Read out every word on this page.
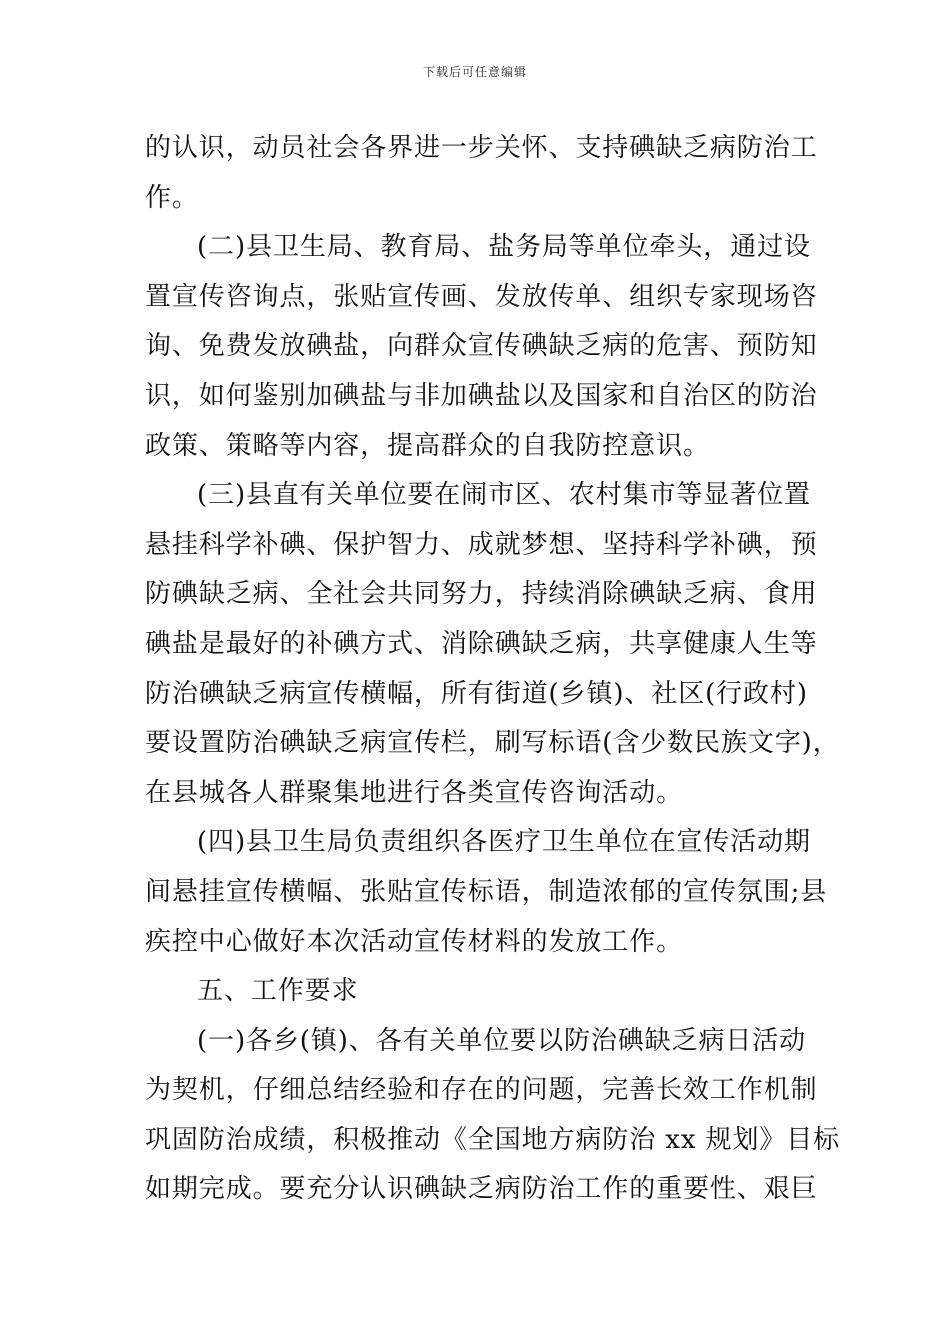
下载后可任意编辑
的认识，动员社会各界进一步关怀、支持碘缺乏病防治工
作。
(二)县卫生局、教育局、盐务局等单位牵头，通过设
置宣传咨询点，张贴宣传画、发放传单、组织专家现场咨
询、免费发放碘盐，向群众宣传碘缺乏病的危害、预防知
识，如何鉴别加碘盐与非加碘盐以及国家和自治区的防治
政策、策略等内容，提高群众的自我防控意识。
(三)县直有关单位要在闹市区、农村集市等显著位置
悬挂科学补碘、保护智力、成就梦想、坚持科学补碘，预
防碘缺乏病、全社会共同努力，持续消除碘缺乏病、食用
碘盐是最好的补碘方式、消除碘缺乏病，共享健康人生等
防治碘缺乏病宣传横幅，所有街道(乡镇)、社区(行政村)
要设置防治碘缺乏病宣传栏，刷写标语(含少数民族文字)，
在县城各人群聚集地进行各类宣传咨询活动。
(四)县卫生局负责组织各医疗卫生单位在宣传活动期
间悬挂宣传横幅、张贴宣传标语，制造浓郁的宣传氛围;县
疾控中心做好本次活动宣传材料的发放工作。
五、工作要求
(一)各乡(镇)、各有关单位要以防治碘缺乏病日活动
为契机，仔细总结经验和存在的问题，完善长效工作机制
巩固防治成绩，积极推动《全国地方病防治 xx 规划》目标
如期完成。要充分认识碘缺乏病防治工作的重要性、艰巨
